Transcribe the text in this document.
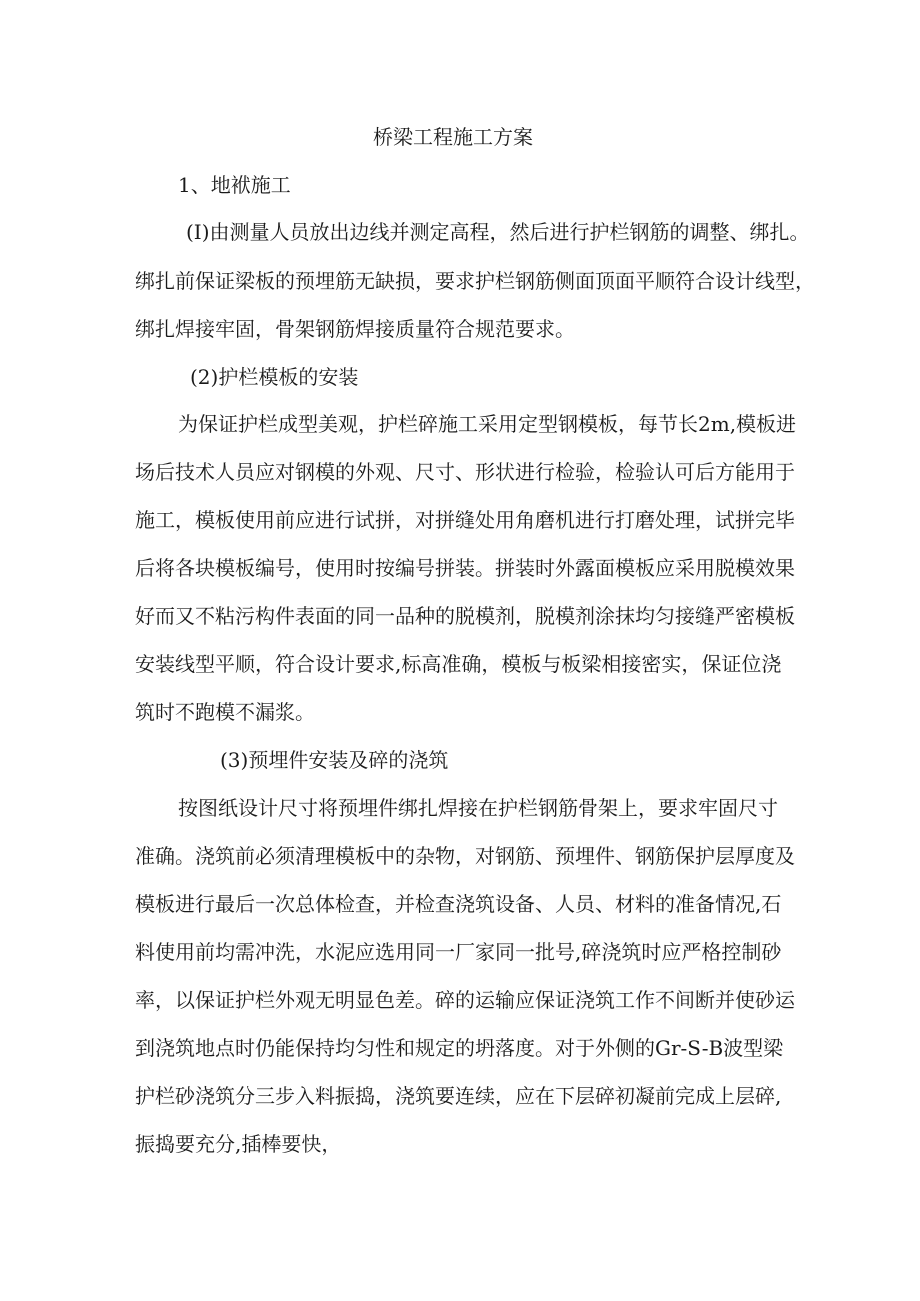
桥梁工程施工方案
1、地袱施工
(I)由测量人员放出边线并测定高程，然后进行护栏钢筋的调整、绑扎。
绑扎前保证梁板的预埋筋无缺损，要求护栏钢筋侧面顶面平顺符合设计线型，
绑扎焊接牢固，骨架钢筋焊接质量符合规范要求。
(2)护栏模板的安装
为保证护栏成型美观，护栏碎施工采用定型钢模板，每节长2m,模板进
场后技术人员应对钢模的外观、尺寸、形状进行检验，检验认可后方能用于
施工，模板使用前应进行试拼，对拼缝处用角磨机进行打磨处理，试拼完毕
后将各块模板编号，使用时按编号拼装。拼装时外露面模板应采用脱模效果
好而又不粘污构件表面的同一品种的脱模剂，脱模剂涂抹均匀接缝严密模板
安装线型平顺，符合设计要求,标高准确，模板与板梁相接密实，保证位浇
筑时不跑模不漏浆。
(3)预埋件安装及碎的浇筑
按图纸设计尺寸将预埋件绑扎焊接在护栏钢筋骨架上，要求牢固尺寸
准确。浇筑前必须清理模板中的杂物，对钢筋、预埋件、钢筋保护层厚度及
模板进行最后一次总体检查，并检查浇筑设备、人员、材料的准备情况,石
料使用前均需冲洗，水泥应选用同一厂家同一批号,碎浇筑时应严格控制砂
率，以保证护栏外观无明显色差。碎的运输应保证浇筑工作不间断并使砂运
到浇筑地点时仍能保持均匀性和规定的坍落度。对于外侧的Gr-S-B波型梁
护栏砂浇筑分三步入料振捣，浇筑要连续，应在下层碎初凝前完成上层碎,
振捣要充分,插棒要快，
